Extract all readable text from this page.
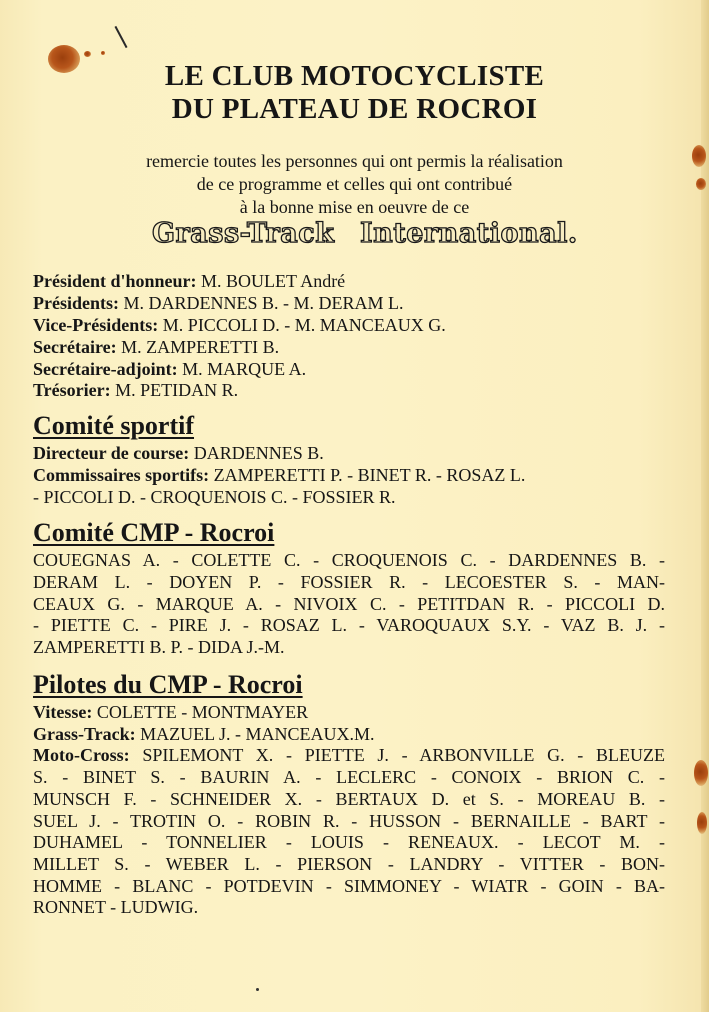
LE CLUB MOTOCYCLISTE
DU PLATEAU DE ROCROI
remercie toutes les personnes qui ont permis la réalisation
de ce programme et celles qui ont contribué
à la bonne mise en oeuvre de ce
Grass-Track International.
Président d'honneur: M. BOULET André
Présidents: M. DARDENNES B. - M. DERAM L.
Vice-Présidents: M. PICCOLI D. - M. MANCEAUX G.
Secrétaire: M. ZAMPERETTI B.
Secrétaire-adjoint: M. MARQUE A.
Trésorier: M. PETIDAN R.
Comité sportif
Directeur de course: DARDENNES B.
Commissaires sportifs: ZAMPERETTI P. - BINET R. - ROSAZ L.
- PICCOLI D. - CROQUENOIS C. - FOSSIER R.
Comité CMP - Rocroi
COUEGNAS A. - COLETTE C. - CROQUENOIS C. - DARDENNES B. -
DERAM L. - DOYEN P. - FOSSIER R. - LECOESTER S. - MAN-
CEAUX G. - MARQUE A. - NIVOIX C. - PETITDAN R. - PICCOLI D.
- PIETTE C. - PIRE J. - ROSAZ L. - VAROQUAUX S.Y. - VAZ B. J. -
ZAMPERETTI B. P. - DIDA J.-M.
Pilotes du CMP - Rocroi
Vitesse: COLETTE - MONTMAYER
Grass-Track: MAZUEL J. - MANCEAUX.M.
Moto-Cross: SPILEMONT X. - PIETTE J. - ARBONVILLE G. - BLEUZE
S. - BINET S. - BAURIN A. - LECLERC - CONOIX - BRION C. -
MUNSCH F. - SCHNEIDER X. - BERTAUX D. et S. - MOREAU B. -
SUEL J. - TROTIN O. - ROBIN R. - HUSSON - BERNAILLE - BART -
DUHAMEL - TONNELIER - LOUIS - RENEAUX. - LECOT M. -
MILLET S. - WEBER L. - PIERSON - LANDRY - VITTER - BON-
HOMME - BLANC - POTDEVIN - SIMMONEY - WIATR - GOIN - BA-
RONNET - LUDWIG.
